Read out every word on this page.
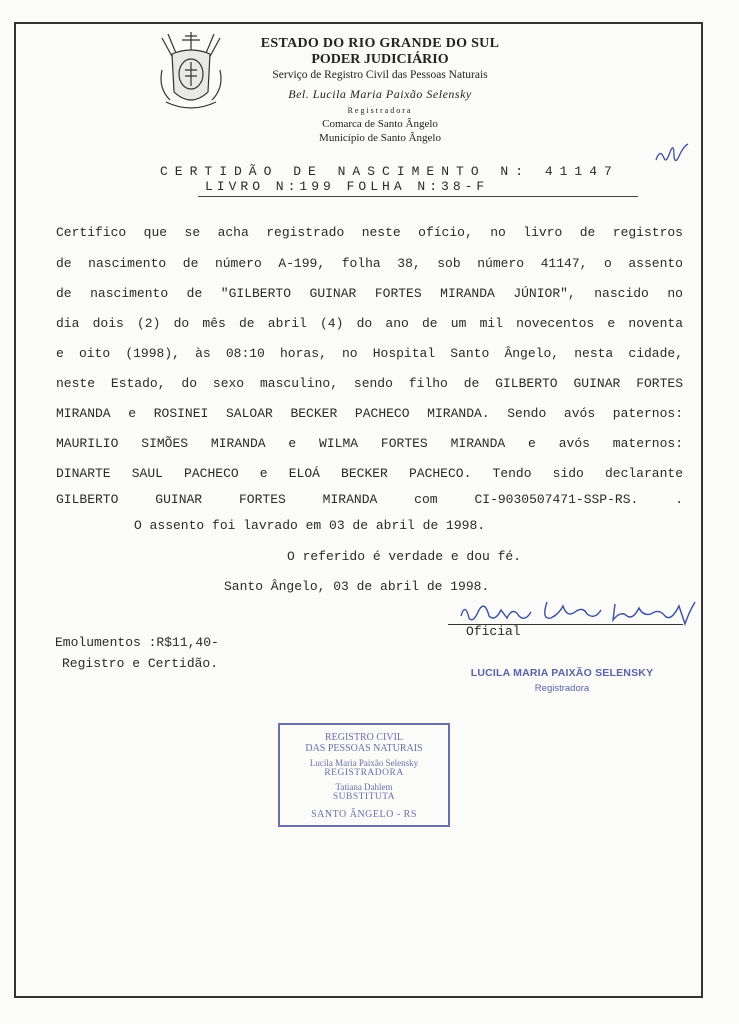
ESTADO DO RIO GRANDE DO SUL
PODER JUDICIÁRIO
Serviço de Registro Civil das Pessoas Naturais
Bel. Lucila Maria Paixão Selensky
Registradora
Comarca de Santo Ângelo
Município de Santo Ângelo
CERTIDÃO DE NASCIMENTO N: 41147
LIVRO N:199 FOLHA N:38-F
Certifico que se acha registrado neste ofício, no livro de registros
de nascimento de número A-199, folha 38, sob número 41147, o assento
de nascimento de "GILBERTO GUINAR FORTES MIRANDA JÚNIOR", nascido no
dia dois (2) do mês de abril (4) do ano de um mil novecentos e noventa
e oito (1998), às 08:10 horas, no Hospital Santo Ângelo, nesta cidade,
neste Estado, do sexo masculino, sendo filho de GILBERTO GUINAR FORTES
MIRANDA e ROSINEI SALOAR BECKER PACHECO MIRANDA. Sendo avós paternos:
MAURILIO SIMÕES MIRANDA e WILMA FORTES MIRANDA e avós maternos:
DINARTE SAUL PACHECO e ELOÁ BECKER PACHECO. Tendo sido declarante
GILBERTO GUINAR FORTES MIRANDA com CI-9030507471-SSP-RS. .
O assento foi lavrado em 03 de abril de 1998.
O referido é verdade e dou fé.
Santo Ângelo, 03 de abril de 1998.
Oficial
Emolumentos :R$11,40-
Registro e Certidão.
LUCILA MARIA PAIXÃO SELENSKY
Registradora
REGISTRO CIVIL
DAS PESSOAS NATURAIS
Lucila Maria Paixão Selensky
REGISTRADORA
Tatiana Dahlem
SUBSTITUTA
SANTO ÂNGELO - RS
